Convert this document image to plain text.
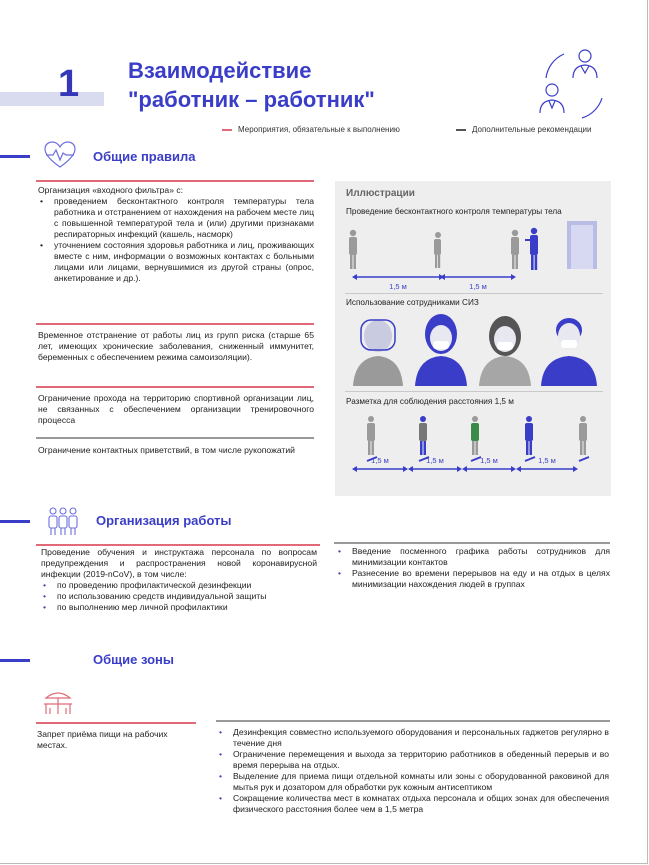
1 Взаимодействие
"работник – работник"
Мероприятия, обязательные к выполнению	Дополнительные рекомендации
Общие правила
Организация «входного фильтра» с:
• проведением бесконтактного контроля температуры тела работника и отстранением от нахождения на рабочем месте лиц с повышенной температурой тела и (или) другими признаками респираторных инфекций (кашель, насморк)
• уточнением состояния здоровья работника и лиц, проживающих вместе с ним, информации о возможных контактах с больными лицами или лицами, вернувшимися из другой страны (опрос, анкетирование и др.).
Временное отстранение от работы лиц из групп риска (старше 65 лет, имеющих хронические заболевания, сниженный иммунитет, беременных с обеспечением режима самоизоляции).
Ограничение прохода на территорию спортивной организации лиц, не связанных с обеспечением организации тренировочного процесса
Ограничение контактных приветствий, в том числе рукопожатий
Иллюстрации
Проведение бесконтактного контроля температуры тела
1,5 м	1,5 м
Использование сотрудниками СИЗ
Разметка для соблюдения расстояния 1,5 м
1,5 м	1,5 м	1,5 м	1,5 м
Организация работы
Проведение обучения и инструктажа персонала по вопросам предупреждения и распространения новой коронавирусной инфекции (2019-nCoV), в том числе:
• по проведению профилактической дезинфекции
• по использованию средств индивидуальной защиты
• по выполнению мер личной профилактики
• Введение посменного графика работы сотрудников для минимизации контактов
• Разнесение во времени перерывов на еду и на отдых в целях минимизации нахождения людей в группах
Общие зоны
Запрет приёма пищи на рабочих местах.
• Дезинфекция совместно используемого оборудования и персональных гаджетов регулярно в течение дня
• Ограничение перемещения и выхода за территорию работников в обеденный перерыв и во время перерыва на отдых.
• Выделение для приема пищи отдельной комнаты или зоны с оборудованной раковиной для мытья рук и дозатором для обработки рук кожным антисептиком
• Сокращение количества мест в комнатах отдыха персонала и общих зонах для обеспечения физического расстояния более чем в 1,5 метра
